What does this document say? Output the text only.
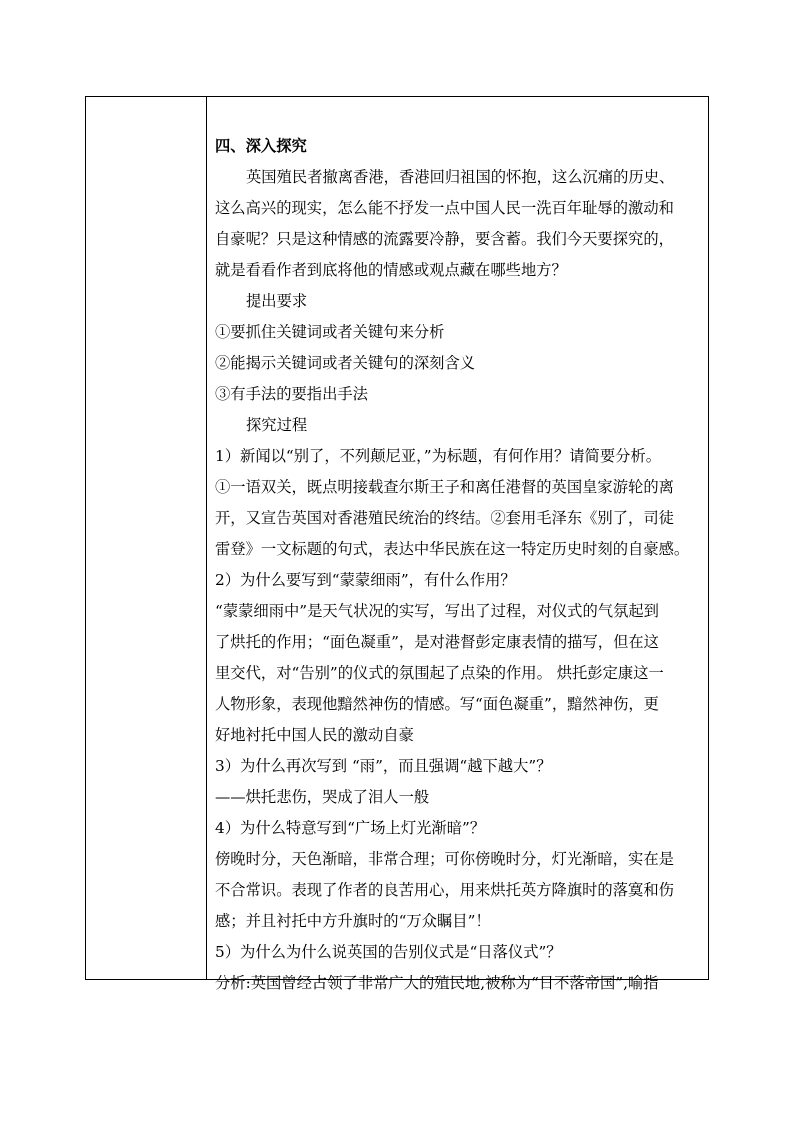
四、深入探究
英国殖民者撤离香港，香港回归祖国的怀抱，这么沉痛的历史、
这么高兴的现实，怎么能不抒发一点中国人民一洗百年耻辱的激动和
自豪呢？只是这种情感的流露要冷静，要含蓄。我们今天要探究的，
就是看看作者到底将他的情感或观点藏在哪些地方？
提出要求
①要抓住关键词或者关键句来分析
②能揭示关键词或者关键句的深刻含义
③有手法的要指出手法
探究过程
1）新闻以“别了，不列颠尼亚，”为标题，有何作用？请简要分析。
①一语双关，既点明接载查尔斯王子和离任港督的英国皇家游轮的离
开，又宣告英国对香港殖民统治的终结。②套用毛泽东《别了，司徒
雷登》一文标题的句式，表达中华民族在这一特定历史时刻的自豪感。
2）为什么要写到“蒙蒙细雨”，有什么作用？
“蒙蒙细雨中”是天气状况的实写，写出了过程，对仪式的气氛起到
了烘托的作用；“面色凝重”，是对港督彭定康表情的描写，但在这
里交代，对“告别”的仪式的氛围起了点染的作用。 烘托彭定康这一
人物形象，表现他黯然神伤的情感。写“面色凝重”，黯然神伤，更
好地衬托中国人民的激动自豪
3）为什么再次写到 “雨”，而且强调“越下越大”？
——烘托悲伤，哭成了泪人一般
4）为什么特意写到“广场上灯光渐暗”？
傍晚时分，天色渐暗，非常合理；可你傍晚时分，灯光渐暗，实在是
不合常识。表现了作者的良苦用心，用来烘托英方降旗时的落寞和伤
感；并且衬托中方升旗时的“万众瞩目”！
5）为什么为什么说英国的告别仪式是“日落仪式”？
分析:英国曾经占领了非常广大的殖民地,被称为“日不落帝国”,喻指
